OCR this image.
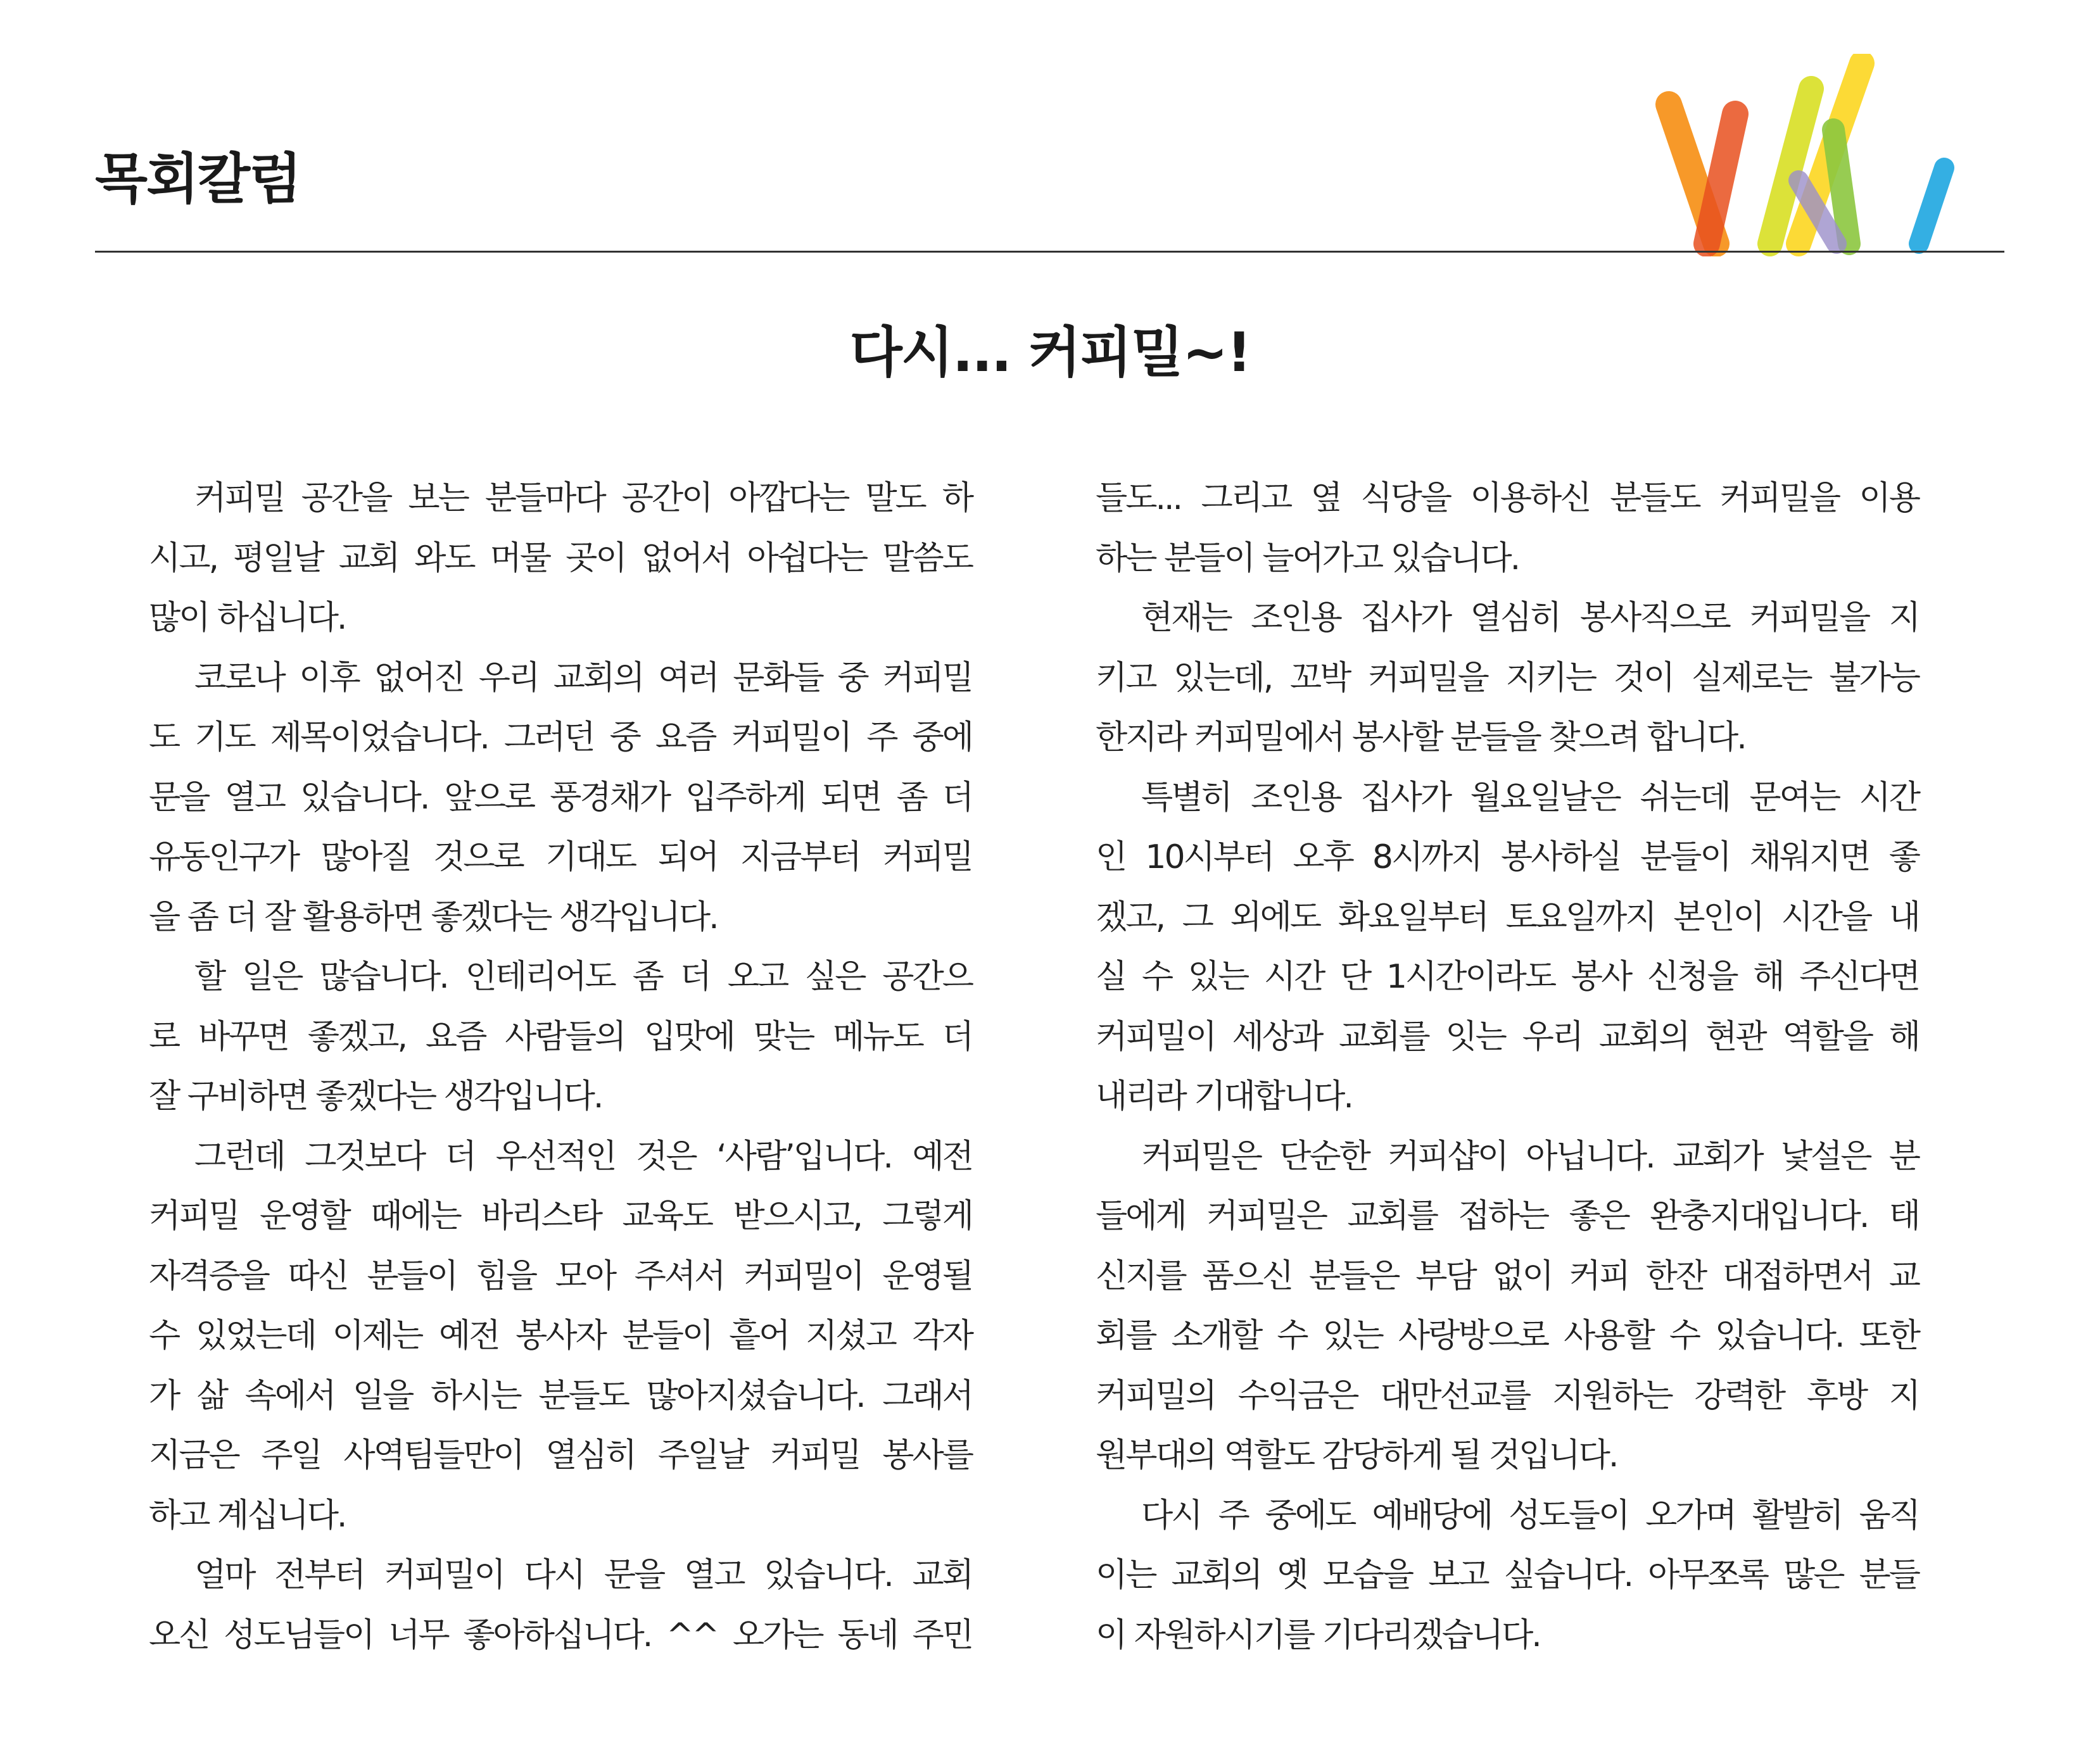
목회칼럼
다시... 커피밀~!
커피밀 공간을 보는 분들마다 공간이 아깝다는 말도 하
시고, 평일날 교회 와도 머물 곳이 없어서 아쉽다는 말씀도
많이 하십니다.
코로나 이후 없어진 우리 교회의 여러 문화들 중 커피밀
도 기도 제목이었습니다. 그러던 중 요즘 커피밀이 주 중에
문을 열고 있습니다. 앞으로 풍경채가 입주하게 되면 좀 더
유동인구가 많아질 것으로 기대도 되어 지금부터 커피밀
을 좀 더 잘 활용하면 좋겠다는 생각입니다.
할 일은 많습니다. 인테리어도 좀 더 오고 싶은 공간으
로 바꾸면 좋겠고, 요즘 사람들의 입맛에 맞는 메뉴도 더
잘 구비하면 좋겠다는 생각입니다.
그런데 그것보다 더 우선적인 것은 ‘사람’입니다. 예전
커피밀 운영할 때에는 바리스타 교육도 받으시고, 그렇게
자격증을 따신 분들이 힘을 모아 주셔서 커피밀이 운영될
수 있었는데 이제는 예전 봉사자 분들이 흩어 지셨고 각자
가 삶 속에서 일을 하시는 분들도 많아지셨습니다. 그래서
지금은 주일 사역팀들만이 열심히 주일날 커피밀 봉사를
하고 계십니다.
얼마 전부터 커피밀이 다시 문을 열고 있습니다. 교회
오신 성도님들이 너무 좋아하십니다. ^^ 오가는 동네 주민
들도... 그리고 옆 식당을 이용하신 분들도 커피밀을 이용
하는 분들이 늘어가고 있습니다.
현재는 조인용 집사가 열심히 봉사직으로 커피밀을 지
키고 있는데, 꼬박 커피밀을 지키는 것이 실제로는 불가능
한지라 커피밀에서 봉사할 분들을 찾으려 합니다.
특별히 조인용 집사가 월요일날은 쉬는데 문여는 시간
인 10시부터 오후 8시까지 봉사하실 분들이 채워지면 좋
겠고, 그 외에도 화요일부터 토요일까지 본인이 시간을 내
실 수 있는 시간 단 1시간이라도 봉사 신청을 해 주신다면
커피밀이 세상과 교회를 잇는 우리 교회의 현관 역할을 해
내리라 기대합니다.
커피밀은 단순한 커피샵이 아닙니다. 교회가 낯설은 분
들에게 커피밀은 교회를 접하는 좋은 완충지대입니다. 태
신지를 품으신 분들은 부담 없이 커피 한잔 대접하면서 교
회를 소개할 수 있는 사랑방으로 사용할 수 있습니다. 또한
커피밀의 수익금은 대만선교를 지원하는 강력한 후방 지
원부대의 역할도 감당하게 될 것입니다.
다시 주 중에도 예배당에 성도들이 오가며 활발히 움직
이는 교회의 옛 모습을 보고 싶습니다. 아무쪼록 많은 분들
이 자원하시기를 기다리겠습니다.
